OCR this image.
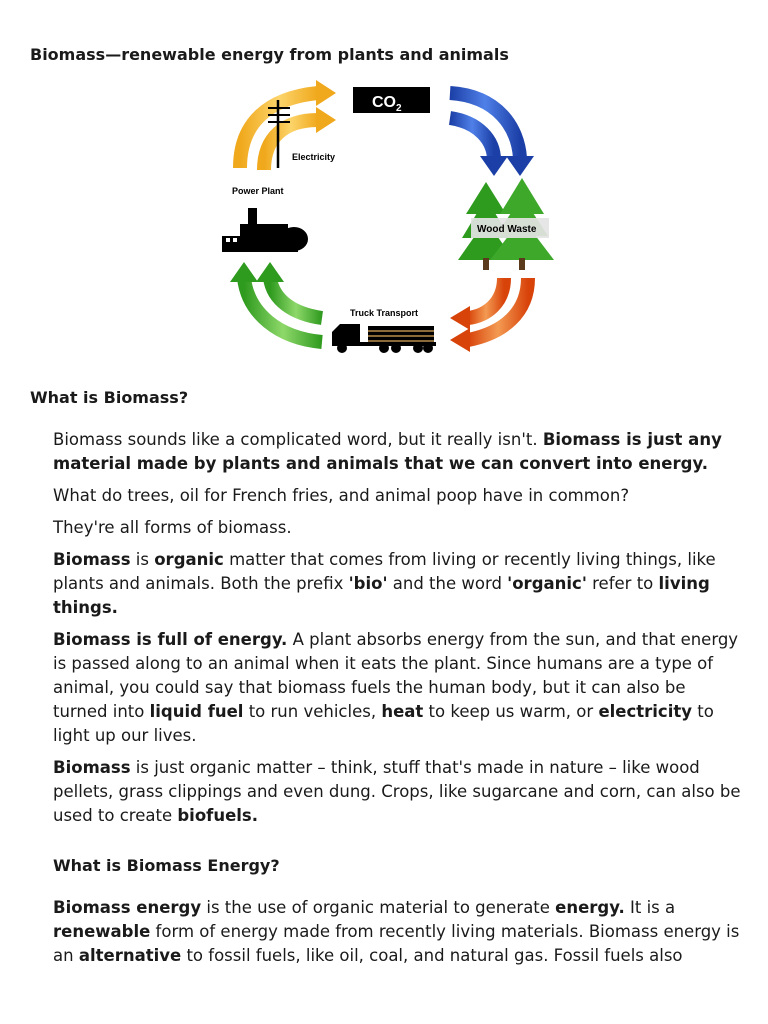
Biomass—renewable energy from plants and animals
Electricity
$CO_2$
Wood Waste
Truck Transport
Power Plant
What is Biomass?

Biomass sounds like a complicated word, but it really isn't. Biomass is just any material made by plants and animals that we can convert into energy.

What do trees, oil for French fries, and animal poop have in common?

They're all forms of biomass.

Biomass is organic matter that comes from living or recently living things, like plants and animals. Both the prefix 'bio' and the word 'organic' refer to living things.

Biomass is full of energy. A plant absorbs energy from the sun, and that energy is passed along to an animal when it eats the plant. Since humans are a type of animal, you could say that biomass fuels the human body, but it can also be turned into liquid fuel to run vehicles, heat to keep us warm, or electricity to light up our lives.

Biomass is just organic matter – think, stuff that's made in nature – like wood pellets, grass clippings and even dung. Crops, like sugarcane and corn, can also be used to create biofuels.

What is Biomass Energy?

Biomass energy is the use of organic material to generate energy. It is a renewable form of energy made from recently living materials. Biomass energy is an alternative to fossil fuels, like oil, coal, and natural gas. Fossil fuels also
